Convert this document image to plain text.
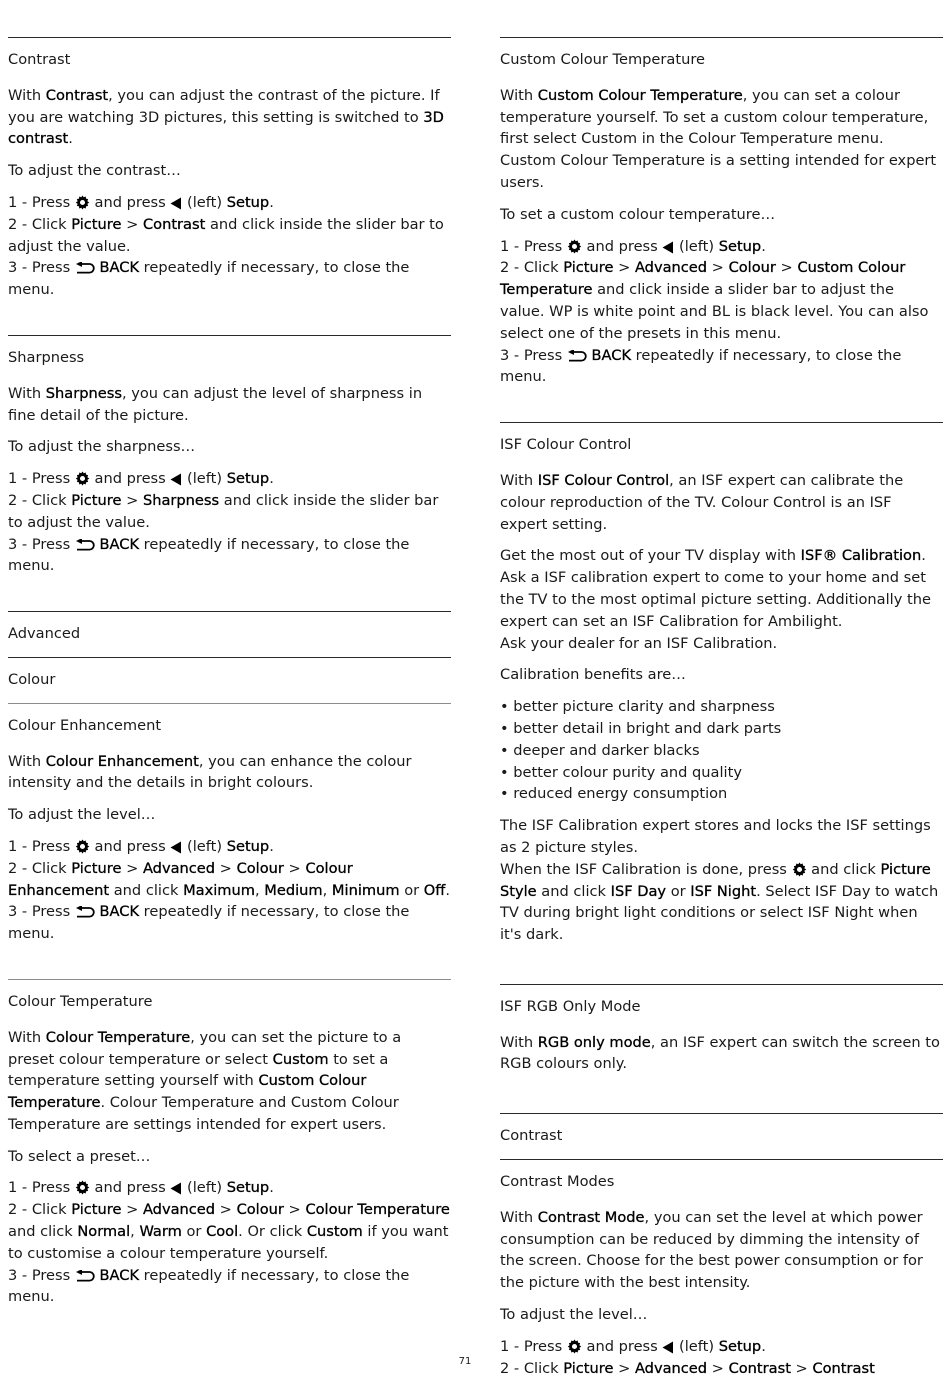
Contrast

With Contrast, you can adjust the contrast of the picture. If you are watching 3D pictures, this setting is switched to 3D contrast.

To adjust the contrast…

1 - Press  and press  (left) Setup.
2 - Click Picture > Contrast and click inside the slider bar to adjust the value.
3 - Press  BACK repeatedly if necessary, to close the menu.
Sharpness

With Sharpness, you can adjust the level of sharpness in fine detail of the picture.

To adjust the sharpness…

1 - Press  and press  (left) Setup.
2 - Click Picture > Sharpness and click inside the slider bar to adjust the value.
3 - Press  BACK repeatedly if necessary, to close the menu.
Advanced
Colour
Colour Enhancement

With Colour Enhancement, you can enhance the colour intensity and the details in bright colours.

To adjust the level…

1 - Press  and press  (left) Setup.
2 - Click Picture > Advanced > Colour > Colour Enhancement and click Maximum, Medium, Minimum or Off.
3 - Press  BACK repeatedly if necessary, to close the menu.
Colour Temperature

With Colour Temperature, you can set the picture to a preset colour temperature or select Custom to set a temperature setting yourself with Custom Colour Temperature. Colour Temperature and Custom Colour Temperature are settings intended for expert users.

To select a preset…

1 - Press  and press  (left) Setup.
2 - Click Picture > Advanced > Colour > Colour Temperature and click Normal, Warm or Cool. Or click Custom if you want to customise a colour temperature yourself.
3 - Press  BACK repeatedly if necessary, to close the menu.
Custom Colour Temperature

With Custom Colour Temperature, you can set a colour temperature yourself. To set a custom colour temperature, first select Custom in the Colour Temperature menu. Custom Colour Temperature is a setting intended for expert users.

To set a custom colour temperature…

1 - Press  and press  (left) Setup.
2 - Click Picture > Advanced > Colour > Custom Colour Temperature and click inside a slider bar to adjust the value. WP is white point and BL is black level. You can also select one of the presets in this menu.
3 - Press  BACK repeatedly if necessary, to close the menu.
ISF Colour Control

With ISF Colour Control, an ISF expert can calibrate the colour reproduction of the TV. Colour Control is an ISF expert setting.

Get the most out of your TV display with ISF® Calibration. Ask a ISF calibration expert to come to your home and set the TV to the most optimal picture setting. Additionally the expert can set an ISF Calibration for Ambilight.
Ask your dealer for an ISF Calibration.

Calibration benefits are…

• better picture clarity and sharpness
• better detail in bright and dark parts
• deeper and darker blacks
• better colour purity and quality
• reduced energy consumption

The ISF Calibration expert stores and locks the ISF settings as 2 picture styles.
When the ISF Calibration is done, press  and click Picture Style and click ISF Day or ISF Night. Select ISF Day to watch TV during bright light conditions or select ISF Night when it's dark.

ISF RGB Only Mode

With RGB only mode, an ISF expert can switch the screen to RGB colours only.

Contrast
Contrast Modes

With Contrast Mode, you can set the level at which power consumption can be reduced by dimming the intensity of the screen. Choose for the best power consumption or for the picture with the best intensity.

To adjust the level…

1 - Press  and press  (left) Setup.
2 - Click Picture > Advanced > Contrast > Contrast
71
